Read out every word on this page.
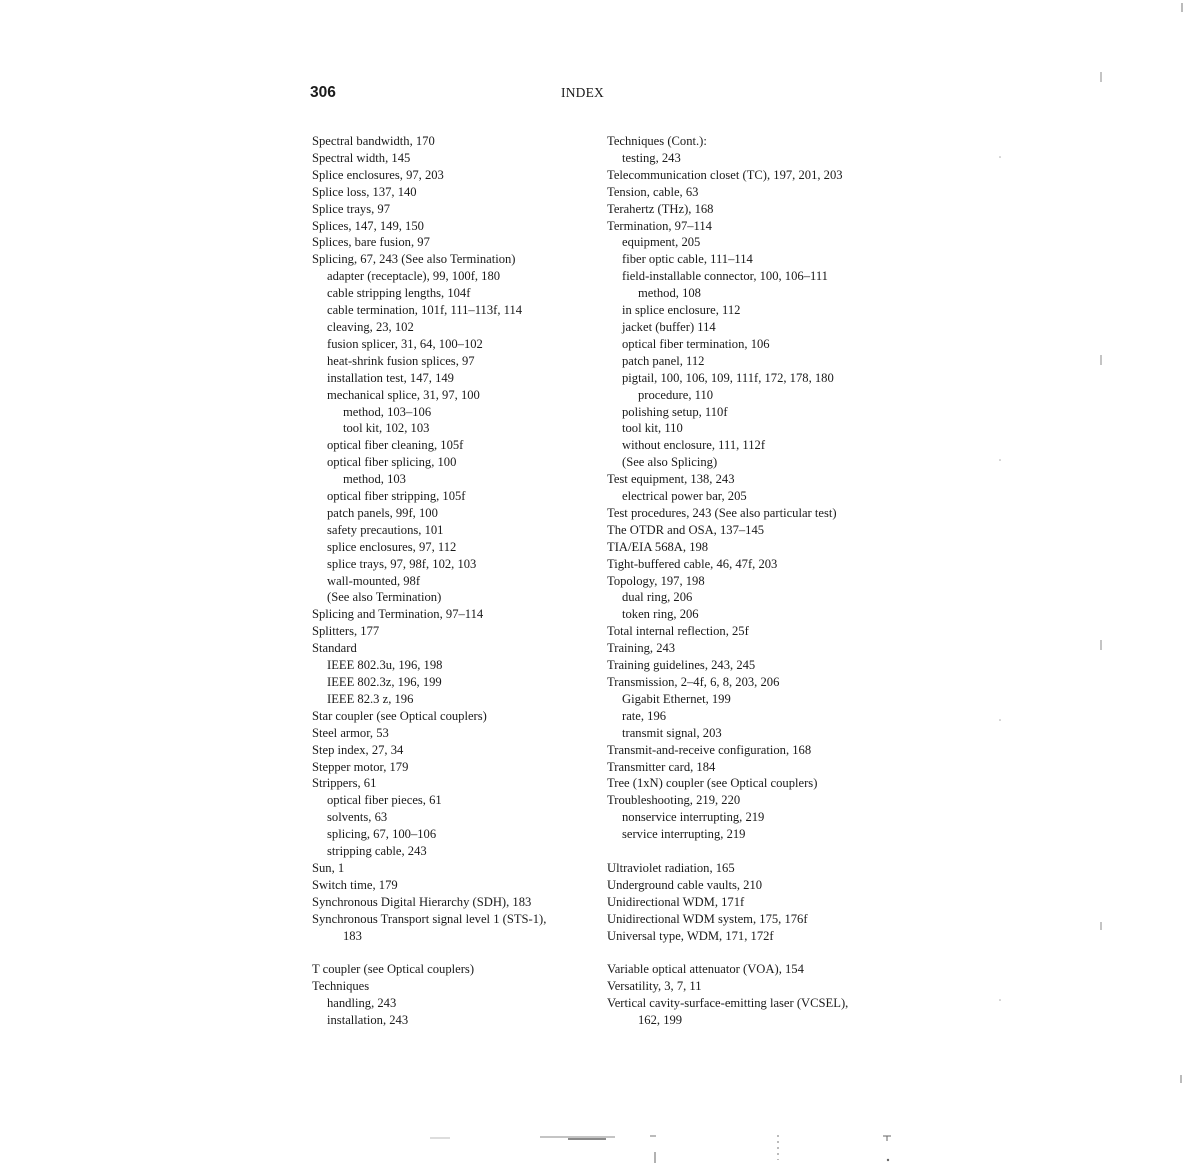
306	INDEX
Spectral bandwidth, 170
Spectral width, 145
Splice enclosures, 97, 203
Splice loss, 137, 140
Splice trays, 97
Splices, 147, 149, 150
Splices, bare fusion, 97
Splicing, 67, 243 (See also Termination)
adapter (receptacle), 99, 100f, 180
cable stripping lengths, 104f
cable termination, 101f, 111–113f, 114
cleaving, 23, 102
fusion splicer, 31, 64, 100–102
heat-shrink fusion splices, 97
installation test, 147, 149
mechanical splice, 31, 97, 100
method, 103–106
tool kit, 102, 103
optical fiber cleaning, 105f
optical fiber splicing, 100
method, 103
optical fiber stripping, 105f
patch panels, 99f, 100
safety precautions, 101
splice enclosures, 97, 112
splice trays, 97, 98f, 102, 103
wall-mounted, 98f
(See also Termination)
Splicing and Termination, 97–114
Splitters, 177
Standard
IEEE 802.3u, 196, 198
IEEE 802.3z, 196, 199
IEEE 82.3 z, 196
Star coupler (see Optical couplers)
Steel armor, 53
Step index, 27, 34
Stepper motor, 179
Strippers, 61
optical fiber pieces, 61
solvents, 63
splicing, 67, 100–106
stripping cable, 243
Sun, 1
Switch time, 179
Synchronous Digital Hierarchy (SDH), 183
Synchronous Transport signal level 1 (STS-1),
183
T coupler (see Optical couplers)
Techniques
handling, 243
installation, 243
Techniques (Cont.):
testing, 243
Telecommunication closet (TC), 197, 201, 203
Tension, cable, 63
Terahertz (THz), 168
Termination, 97–114
equipment, 205
fiber optic cable, 111–114
field-installable connector, 100, 106–111
method, 108
in splice enclosure, 112
jacket (buffer) 114
optical fiber termination, 106
patch panel, 112
pigtail, 100, 106, 109, 111f, 172, 178, 180
procedure, 110
polishing setup, 110f
tool kit, 110
without enclosure, 111, 112f
(See also Splicing)
Test equipment, 138, 243
electrical power bar, 205
Test procedures, 243 (See also particular test)
The OTDR and OSA, 137–145
TIA/EIA 568A, 198
Tight-buffered cable, 46, 47f, 203
Topology, 197, 198
dual ring, 206
token ring, 206
Total internal reflection, 25f
Training, 243
Training guidelines, 243, 245
Transmission, 2–4f, 6, 8, 203, 206
Gigabit Ethernet, 199
rate, 196
transmit signal, 203
Transmit-and-receive configuration, 168
Transmitter card, 184
Tree (1xN) coupler (see Optical couplers)
Troubleshooting, 219, 220
nonservice interrupting, 219
service interrupting, 219
Ultraviolet radiation, 165
Underground cable vaults, 210
Unidirectional WDM, 171f
Unidirectional WDM system, 175, 176f
Universal type, WDM, 171, 172f
Variable optical attenuator (VOA), 154
Versatility, 3, 7, 11
Vertical cavity-surface-emitting laser (VCSEL),
162, 199
